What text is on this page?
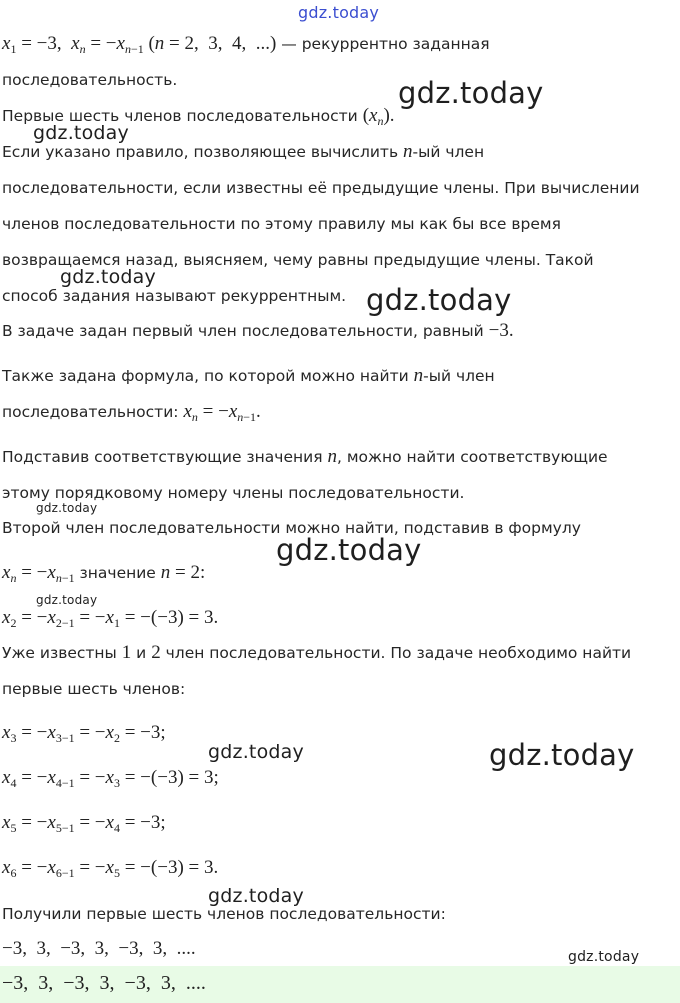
gdz.today
$x_1 = -3$,  $x_n = -x_{n-1}$ (n = 2,  3,  4,  ...) — рекуррентно заданная
последовательность.
Первые шесть членов последовательности $(x_n)$.
Если указано правило, позволяющее вычислить n-ый член
последовательности, если известны её предыдущие члены. При вычислении
членов последовательности по этому правилу мы как бы все время
возвращаемся назад, выясняем, чему равны предыдущие члены. Такой
способ задания называют рекуррентным.
В задаче задан первый член последовательности, равный −3.
Также задана формула, по которой можно найти n-ый член
последовательности: $x_n = -x_{n-1}$.
Подставив соответствующие значения n, можно найти соответствующие
этому порядковому номеру члены последовательности.
Второй член последовательности можно найти, подставив в формулу
$x_n = -x_{n-1}$ значение n = 2:
$x_2 = -x_{2-1} = -x_1 = -(-3) = 3$.
Уже известны 1 и 2 член последовательности. По задаче необходимо найти
первые шесть членов:
$x_3 = -x_{3-1} = -x_2 = -3$;
$x_4 = -x_{4-1} = -x_3 = -(-3) = 3$;
$x_5 = -x_{5-1} = -x_4 = -3$;
$x_6 = -x_{6-1} = -x_5 = -(-3) = 3$.
Получили первые шесть членов последовательности:
−3,  3,  −3,  3,  −3,  3,  ....
−3,  3,  −3,  3,  −3,  3,  ....
gdz.today
gdz.today
gdz.today
gdz.today
gdz.today
gdz.today
gdz.today
gdz.today	gdz.today
gdz.today
gdz.today
